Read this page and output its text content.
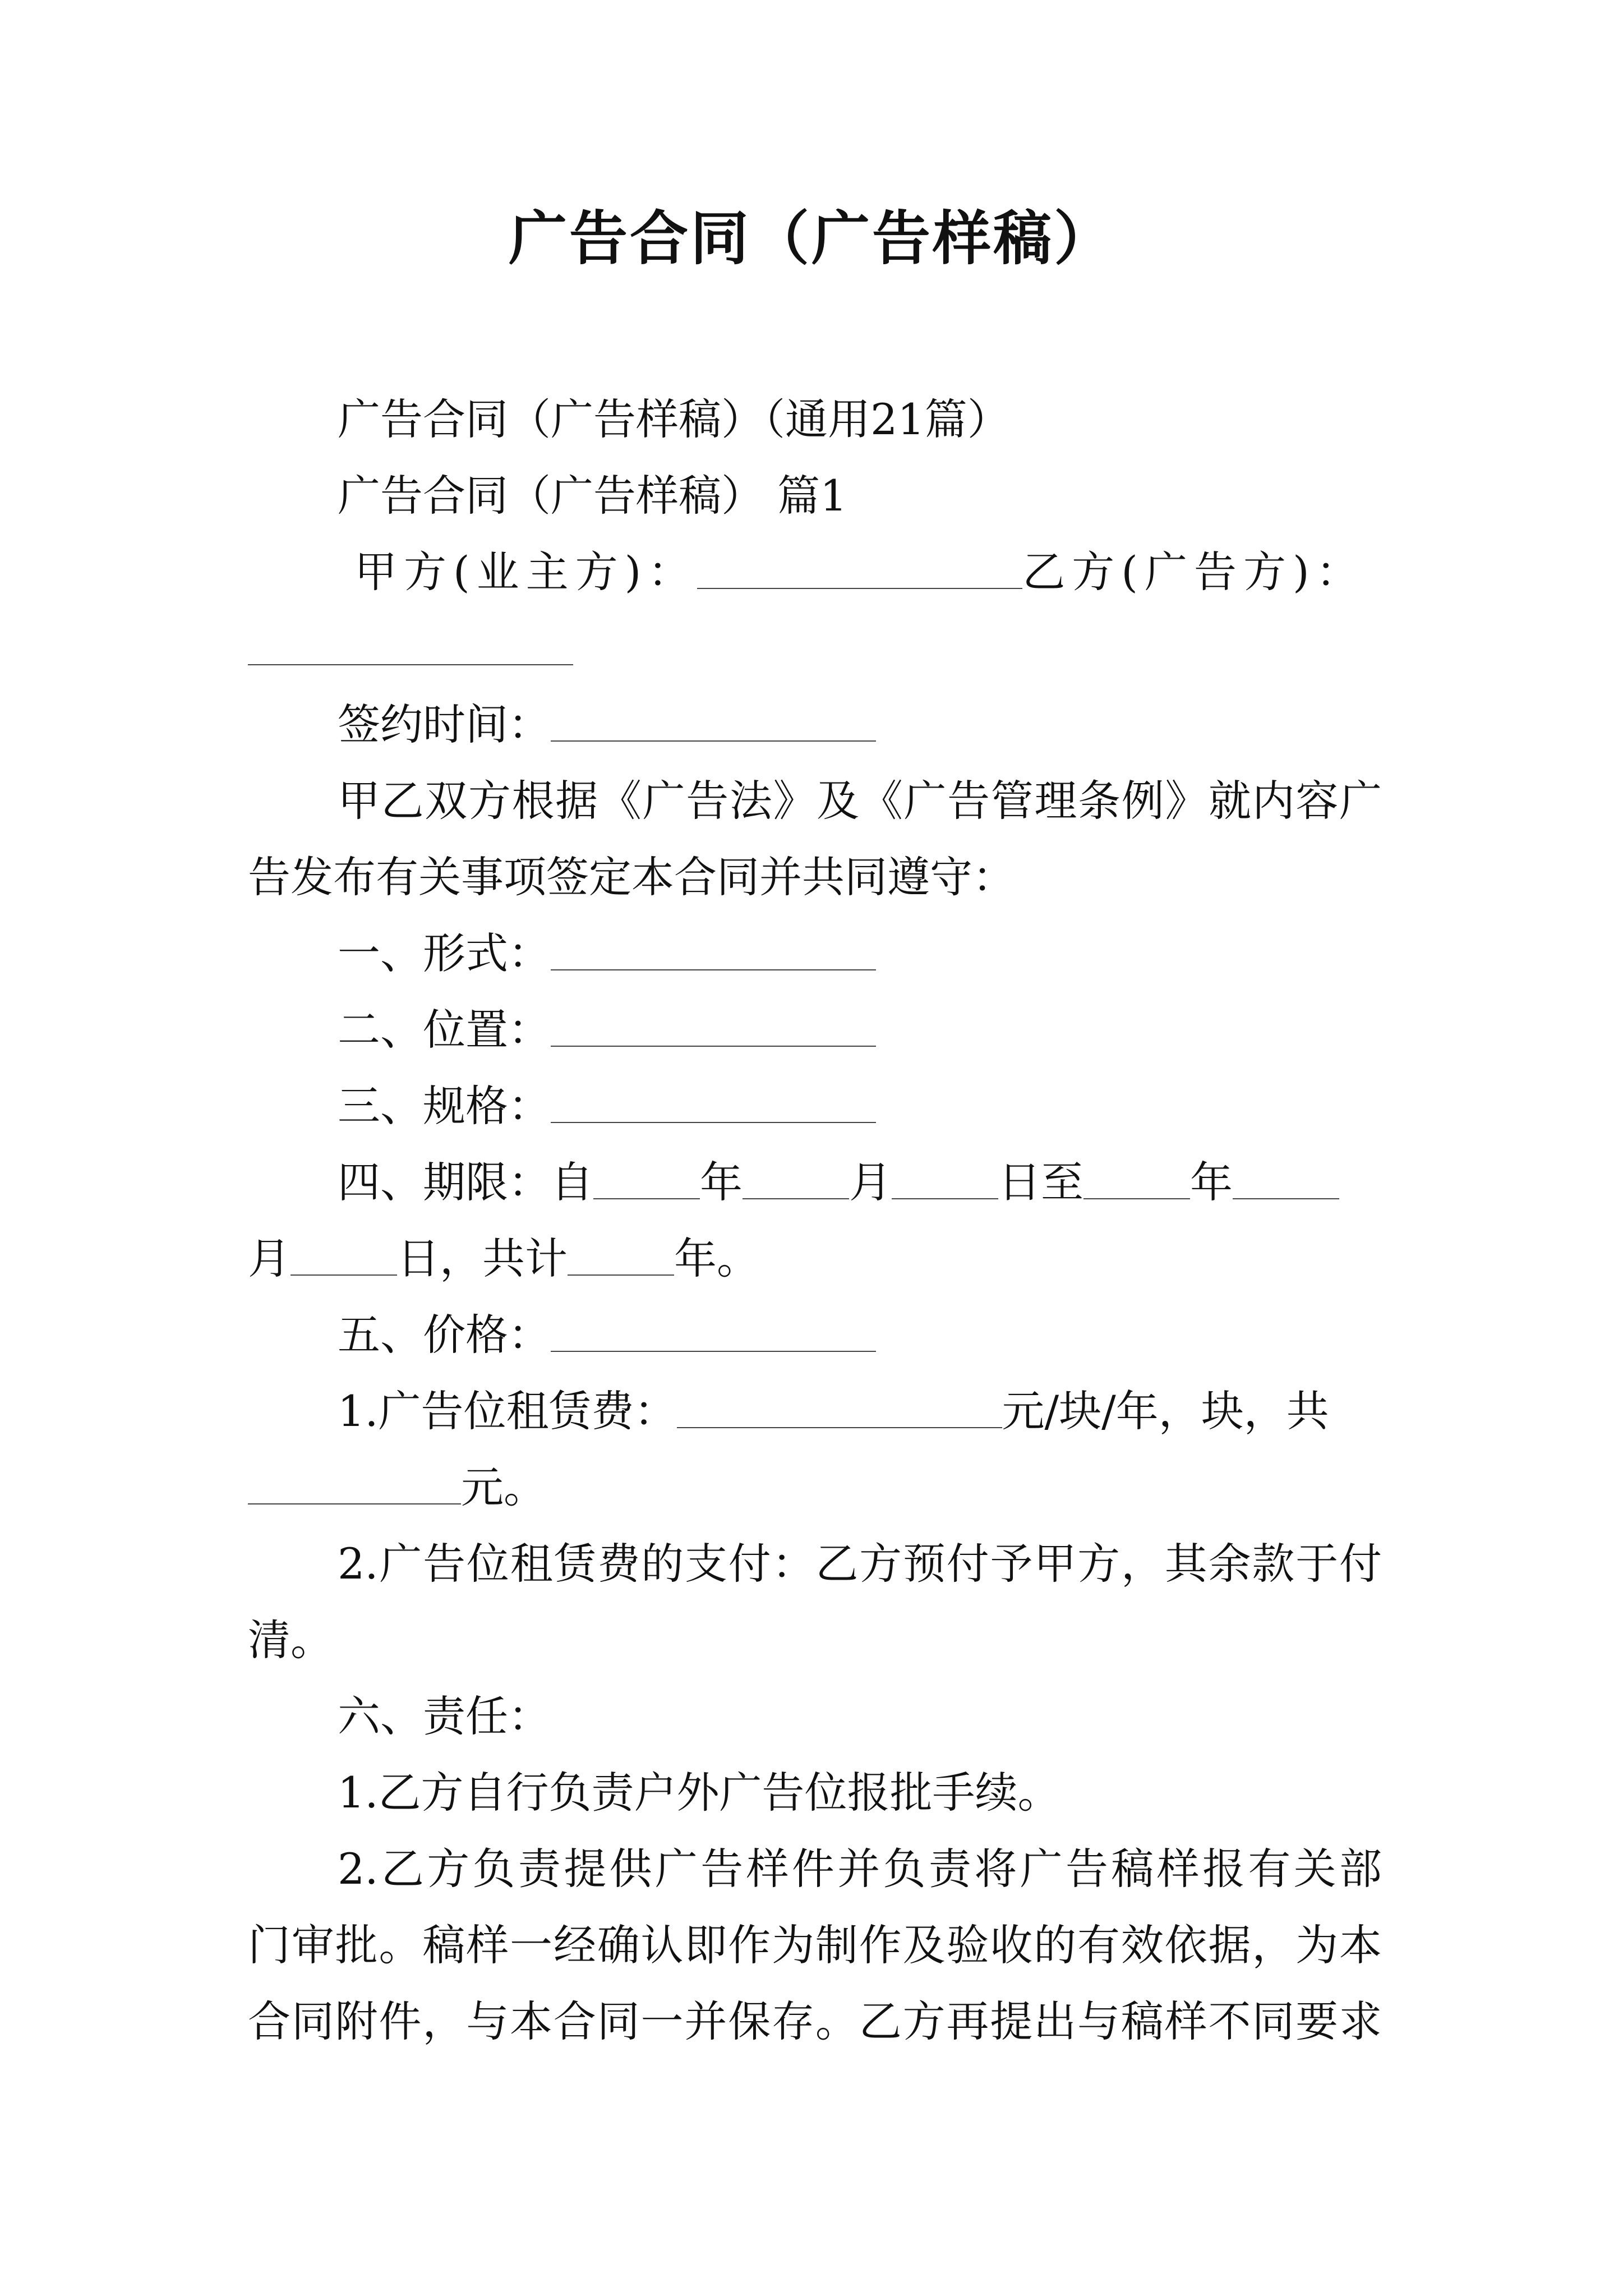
广告合同（广告样稿）
广告合同（广告样稿）（通用21篇）
广告合同（广告样稿） 篇1
甲方(业主方)：	乙方(广告方)：
签约时间：
甲乙双方根据《广告法》及《广告管理条例》就内容广
告发布有关事项签定本合同并共同遵守：
一、形式：
二、位置：
三、规格：
四、期限：自	年	月	日至	年
月	日，共计	年。
五、价格：
1.广告位租赁费：	元/块/年，块，共
元。
2.广告位租赁费的支付：乙方预付予甲方，其余款于付
清。
六、责任：
1.乙方自行负责户外广告位报批手续。
2.乙方负责提供广告样件并负责将广告稿样报有关部
门审批。稿样一经确认即作为制作及验收的有效依据，为本
合同附件，与本合同一并保存。乙方再提出与稿样不同要求
